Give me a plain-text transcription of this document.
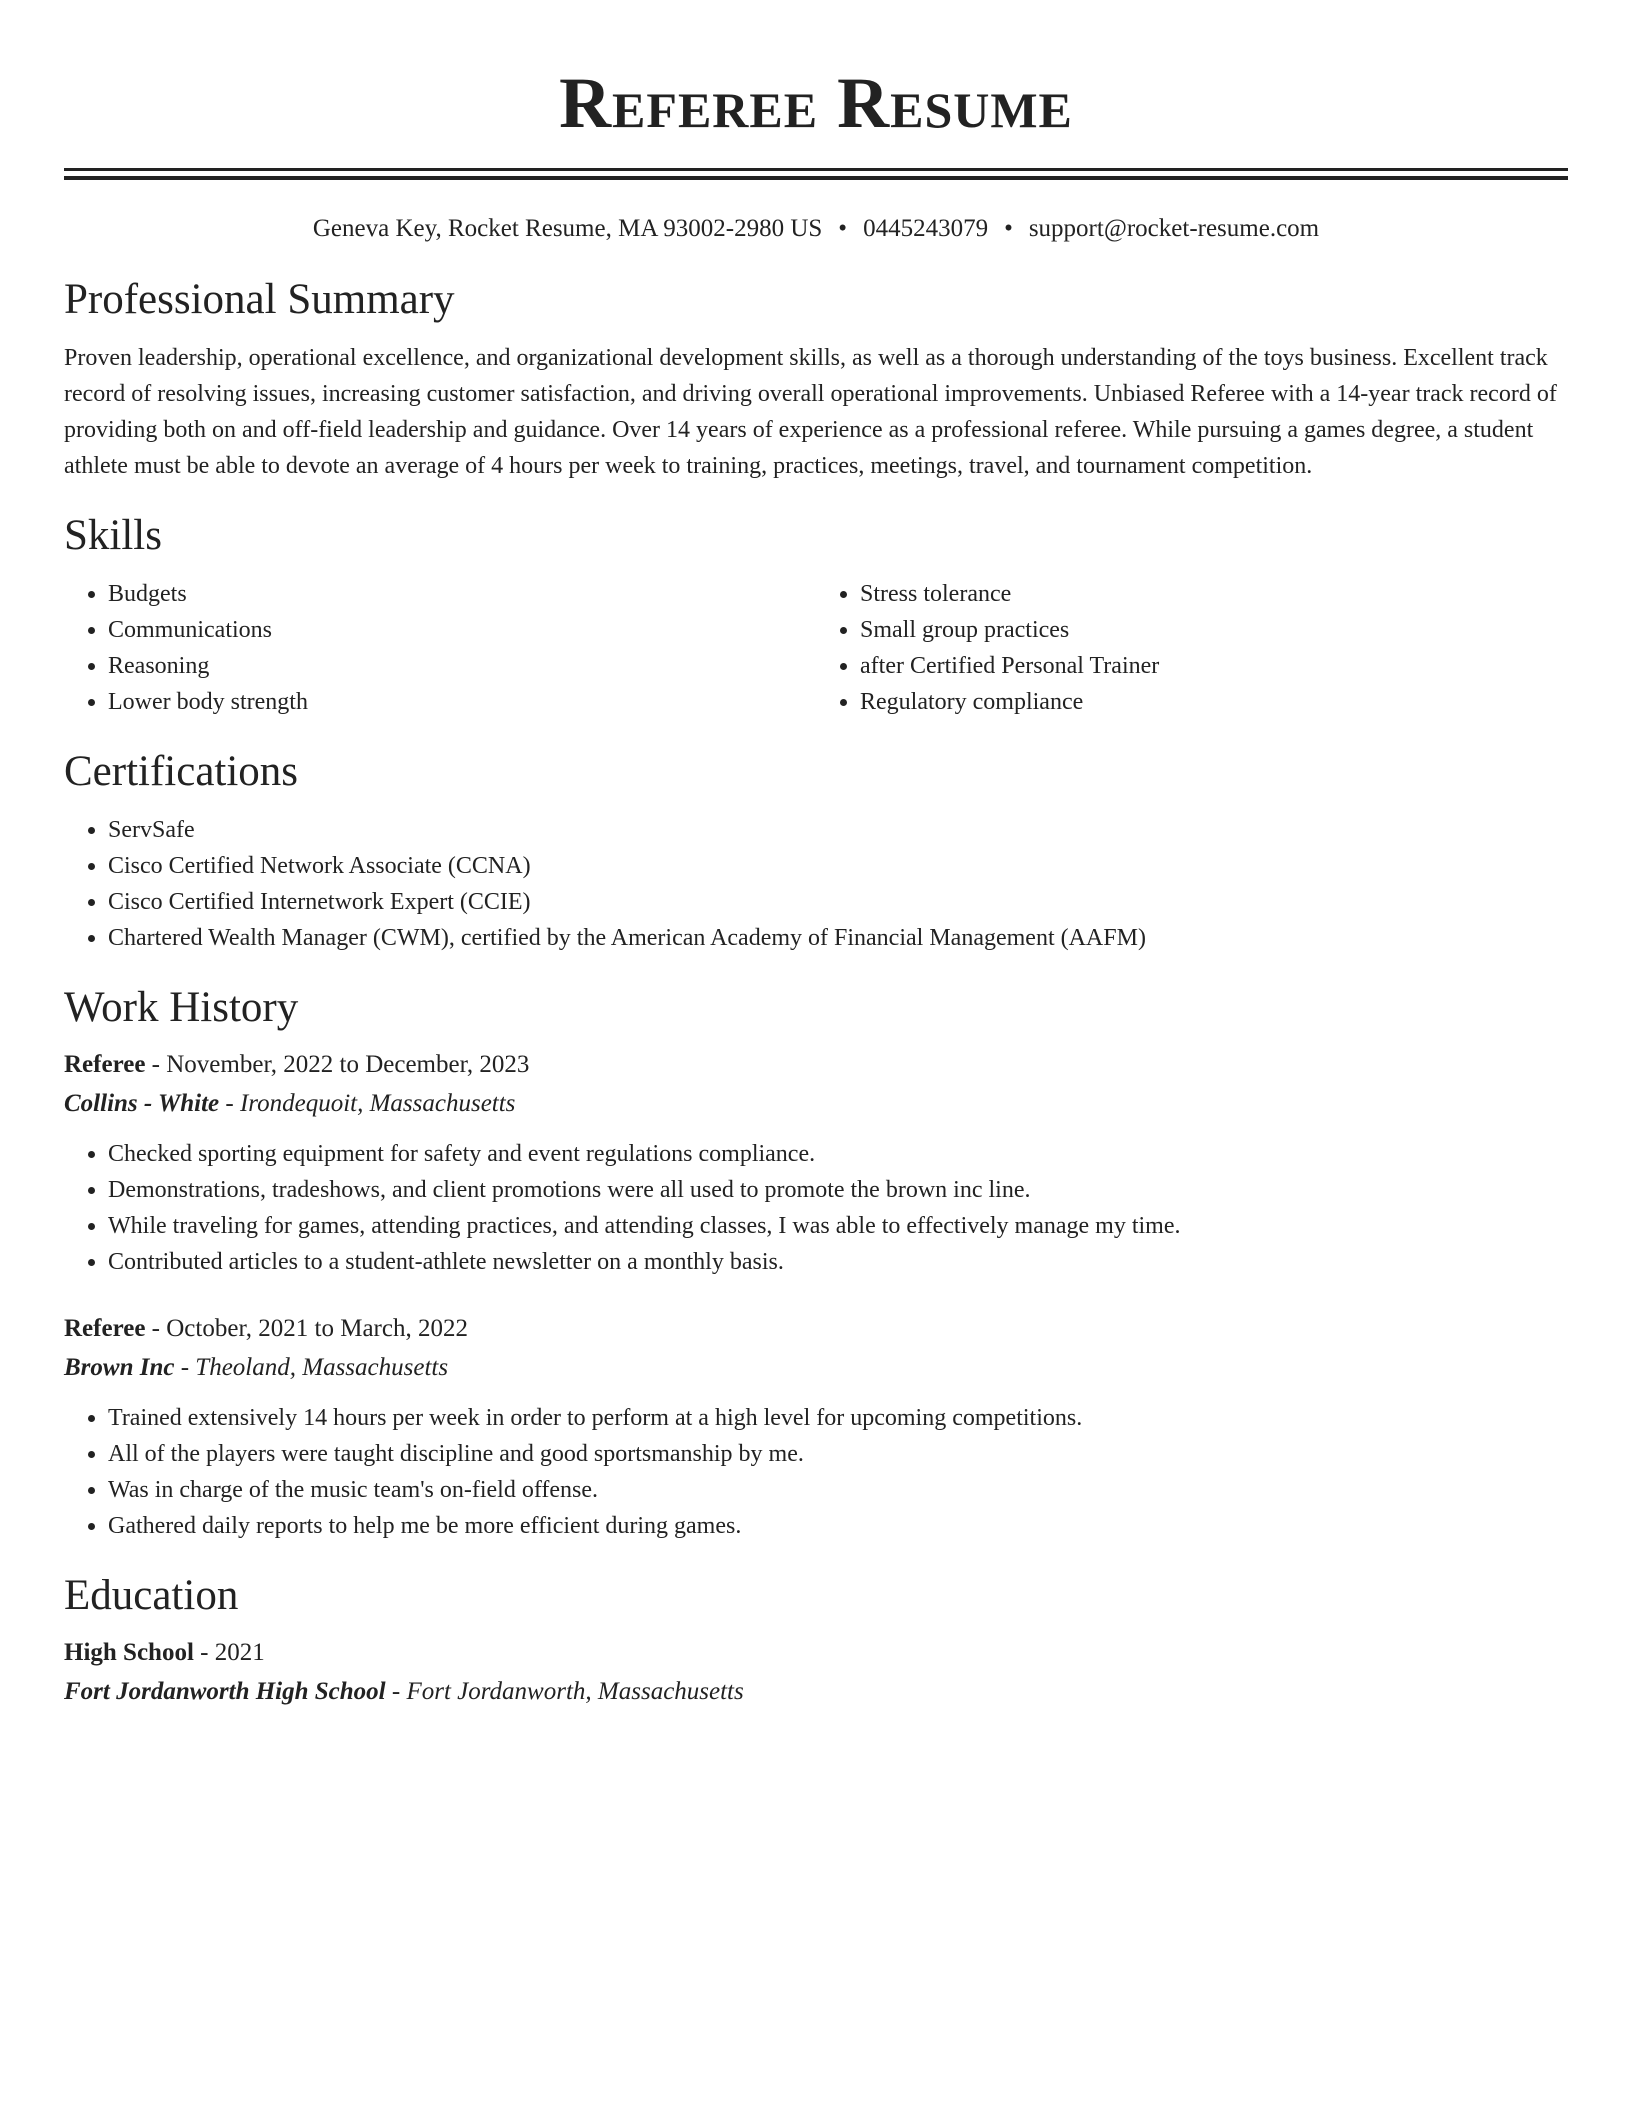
Referee Resume
Geneva Key, Rocket Resume, MA 93002-2980 US • 0445243079 • support@rocket-resume.com
Professional Summary

Proven leadership, operational excellence, and organizational development skills, as well as a thorough understanding of the toys business. Excellent track record of resolving issues, increasing customer satisfaction, and driving overall operational improvements. Unbiased Referee with a 14-year track record of providing both on and off-field leadership and guidance. Over 14 years of experience as a professional referee. While pursuing a games degree, a student athlete must be able to devote an average of 4 hours per week to training, practices, meetings, travel, and tournament competition.

Skills
• Budgets
• Communications
• Reasoning
• Lower body strength
• Stress tolerance
• Small group practices
• after Certified Personal Trainer
• Regulatory compliance
Certifications
• ServSafe
• Cisco Certified Network Associate (CCNA)
• Cisco Certified Internetwork Expert (CCIE)
• Chartered Wealth Manager (CWM), certified by the American Academy of Financial Management (AAFM)
Work History
Referee - November, 2022 to December, 2023
Collins - White - Irondequoit, Massachusetts
• Checked sporting equipment for safety and event regulations compliance.
• Demonstrations, tradeshows, and client promotions were all used to promote the brown inc line.
• While traveling for games, attending practices, and attending classes, I was able to effectively manage my time.
• Contributed articles to a student-athlete newsletter on a monthly basis.
Referee - October, 2021 to March, 2022
Brown Inc - Theoland, Massachusetts
• Trained extensively 14 hours per week in order to perform at a high level for upcoming competitions.
• All of the players were taught discipline and good sportsmanship by me.
• Was in charge of the music team's on-field offense.
• Gathered daily reports to help me be more efficient during games.
Education
High School - 2021
Fort Jordanworth High School - Fort Jordanworth, Massachusetts
